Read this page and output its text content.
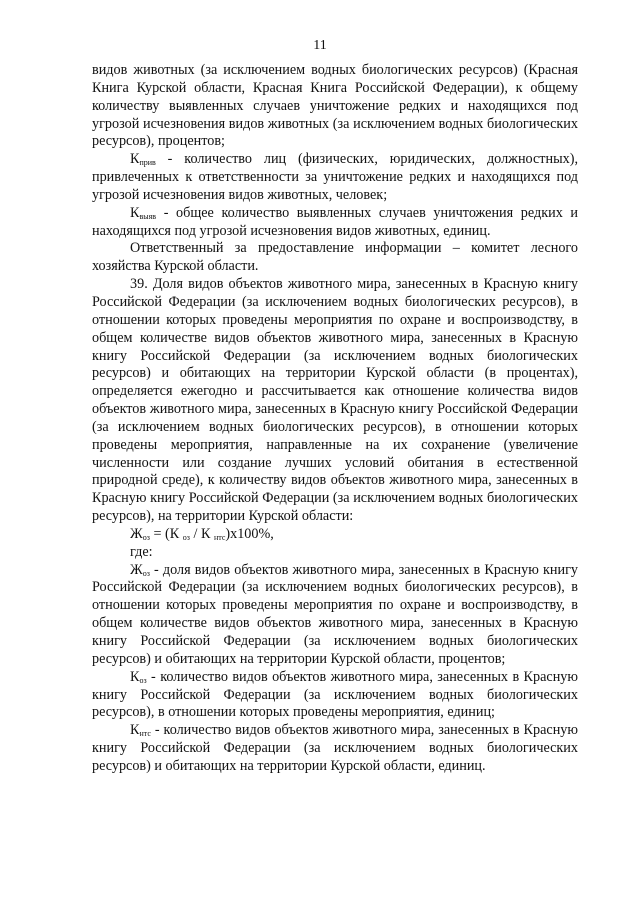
11

видов животных (за исключением водных биологических ресурсов) (Красная Книга Курской области, Красная Книга Российской Федерации), к общему количеству выявленных случаев уничтожение редких и находящихся под угрозой исчезновения видов животных (за исключением водных биологических ресурсов), процентов;

$К_{прив}$ - количество лиц (физических, юридических, должностных), привлеченных к ответственности за уничтожение редких и находящихся под угрозой исчезновения видов животных, человек;

$К_{выяв}$ - общее количество выявленных случаев уничтожения редких и находящихся под угрозой исчезновения видов животных, единиц.

Ответственный за предоставление информации – комитет лесного хозяйства Курской области.

39. Доля видов объектов животного мира, занесенных в Красную книгу Российской Федерации (за исключением водных биологических ресурсов), в отношении которых проведены мероприятия по охране и воспроизводству, в общем количестве видов объектов животного мира, занесенных в Красную книгу Российской Федерации (за исключением водных биологических ресурсов) и обитающих на территории Курской области (в процентах), определяется ежегодно и рассчитывается как отношение количества видов объектов животного мира, занесенных в Красную книгу Российской Федерации (за исключением водных биологических ресурсов), в отношении которых проведены мероприятия, направленные на их сохранение (увеличение численности или создание лучших условий обитания в естественной природной среде), к количеству видов объектов животного мира, занесенных в Красную книгу Российской Федерации (за исключением водных биологических ресурсов), на территории Курской области:

$Ж_{оз} = (К$ $_{оз}$ / К $_{нтс}$)x100%,

где:

$Ж_{оз}$ - доля видов объектов животного мира, занесенных в Красную книгу Российской Федерации (за исключением водных биологических ресурсов), в отношении которых проведены мероприятия по охране и воспроизводству, в общем количестве видов объектов животного мира, занесенных в Красную книгу Российской Федерации (за исключением водных биологических ресурсов) и обитающих на территории Курской области, процентов;

$К_{оз}$ - количество видов объектов животного мира, занесенных в Красную книгу Российской Федерации (за исключением водных биологических ресурсов), в отношении которых проведены мероприятия, единиц;

$К_{нтс}$ - количество видов объектов животного мира, занесенных в Красную книгу Российской Федерации (за исключением водных биологических ресурсов) и обитающих на территории Курской области, единиц.
